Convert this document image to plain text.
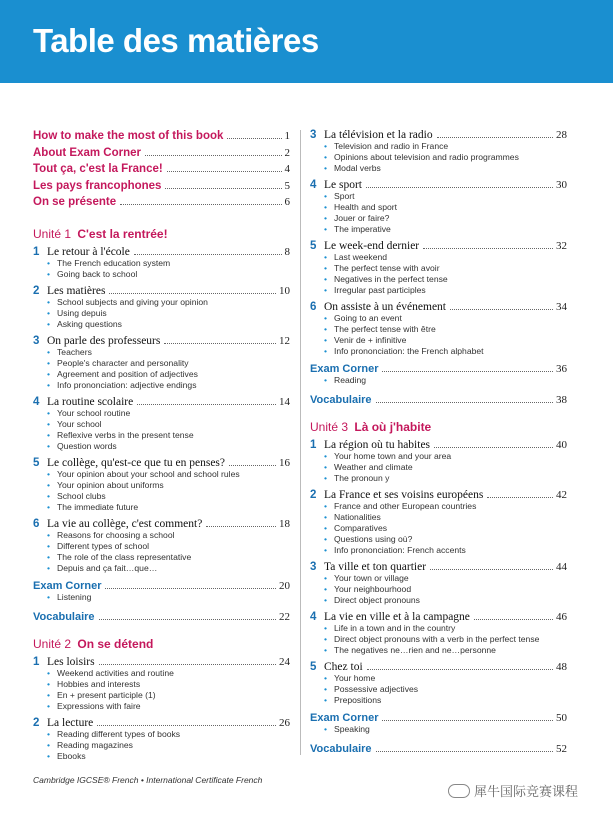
Table des matières
How to make the most of this book	1
About Exam Corner	2
Tout ça, c'est la France!	4
Les pays francophones	5
On se présente	6
Unité 1 C'est la rentrée!
1 Le retour à l'école	8
• The French education system
• Going back to school
2 Les matières	10
• School subjects and giving your opinion
• Using depuis
• Asking questions
3 On parle des professeurs	12
• Teachers
• People's character and personality
• Agreement and position of adjectives
• Info prononciation: adjective endings
4 La routine scolaire	14
• Your school routine
• Your school
• Reflexive verbs in the present tense
• Question words
5 Le collège, qu'est-ce que tu en penses?	16
• Your opinion about your school and school rules
• Your opinion about uniforms
• School clubs
• The immediate future
6 La vie au collège, c'est comment?	18
• Reasons for choosing a school
• Different types of school
• The role of the class representative
• Depuis and ça fait…que…
Exam Corner	20
• Listening
Vocabulaire	22
Unité 2 On se détend
1 Les loisirs	24
• Weekend activities and routine
• Hobbies and interests
• En + present participle (1)
• Expressions with faire
2 La lecture	26
• Reading different types of books
• Reading magazines
• Ebooks
3 La télévision et la radio	28
• Television and radio in France
• Opinions about television and radio programmes
• Modal verbs
4 Le sport	30
• Sport
• Health and sport
• Jouer or faire?
• The imperative
5 Le week-end dernier	32
• Last weekend
• The perfect tense with avoir
• Negatives in the perfect tense
• Irregular past participles
6 On assiste à un événement	34
• Going to an event
• The perfect tense with être
• Venir de + infinitive
• Info prononciation: the French alphabet
Exam Corner	36
• Reading
Vocabulaire	38
Unité 3 Là où j'habite
1 La région où tu habites	40
• Your home town and your area
• Weather and climate
• The pronoun y
2 La France et ses voisins européens	42
• France and other European countries
• Nationalities
• Comparatives
• Questions using où?
• Info prononciation: French accents
3 Ta ville et ton quartier	44
• Your town or village
• Your neighbourhood
• Direct object pronouns
4 La vie en ville et à la campagne	46
• Life in a town and in the country
• Direct object pronouns with a verb in the perfect tense
• The negatives ne…rien and ne…personne
5 Chez toi	48
• Your home
• Possessive adjectives
• Prepositions
Exam Corner	50
• Speaking
Vocabulaire	52
Cambridge IGCSE® French • International Certificate French
犀牛国际竞赛课程
